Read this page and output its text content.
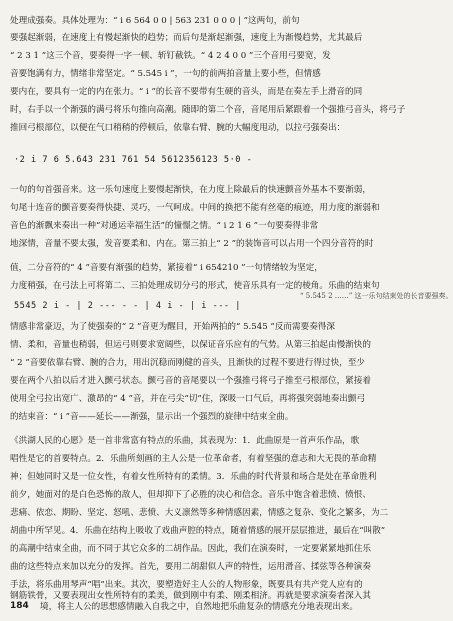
处理成强奏。具体处理为：“ i 6 564 0 0 | 563 231 0 0 0 | ”这两句，前句
要强起渐弱，在速度上有慢起渐快的趋势；而后句是渐起渐强，速度上为渐慢趋势，尤其最后
“ 2 3 1 ”这三个音，要奏得一字一顿、斩钉截铁。“ 4 2 4 0 0 ”三个音用弓要宽，发
音要饱满有力，情绪非常坚定。“ 5.545 i ”，一句的前两拍音量上要小些，但情感
要内在，要具有一定的内在张力。“ i ”的长音不要带有生硬的音头，而是在奏左手上滑音的同
时，右手以一个渐强的满弓将乐句推向高潮。随即的第二个音，音尾用后紧跟着一个强推弓音头，将弓子
推回弓根部位，以便在气口稍稍的停顿后，依靠右臂、腕的大幅度甩动，以拉弓强奏出：
·2 i 7 6 5.643 231 761 54 5612356123 5·0 -
一句的句首强音来。这一乐句速度上要慢起渐快，在力度上除最后的快速颤音外基本不要渐弱，
句尾十连音的颤音要奏得快捷、灵巧，一气呵成。中间的换把不能有丝毫的痕迹，用力度的渐弱和
音色的渐飘来奏出一种“对通运幸福生活”的憧憬之情。“ i 2 1 6 ”一句要奏得非常
地深情，音量不要太强，发音要柔和、内在。第三拍上“ 2 ”的装饰音可以占用一个四分音符的时
值，二分音符的“ 4 ”音要有渐强的趋势，紧接着“ i 654210 ”一句情绪较为坚定，
力度稍强，在弓法上可将第二、三拍处理成切分弓的形式，使音乐具有一定的棱角。乐曲的结束句
5545 2 i - | 2 --- - - | 4 i - | i --- |
情感非常豪迈，为了使强奏的“ 2 ”音更为醒目，开始两拍的“ 5.545 ”反而需要奏得深
情、柔和，音量也稍弱，但运弓则要求宽阔些，以保证音乐应有的气势。从第三拍起由慢渐快的
“ 2 ”音要依靠右臂、腕的合力，用出沉稳而刚健的音头，且渐快的过程不要进行得过快，至少
要在两个八拍以后才进入颤弓状态。颤弓音的音尾要以一个强推弓将弓子推至弓根部位，紧接着
使用全弓拉出宽广、激昂的“ 4 ”音，并在弓尖“切”住，深吸一口气后，再将强突弱地奏出颤弓
的结束音：“ i ”音——延长——渐强，显示出一个强烈的旋律中结束全曲。
《洪湖人民的心愿》是一首非常富有特点的乐曲，其表现为：1．此曲原是一首声乐作品，歌
唱性是它的首要特点。2．乐曲所刻画的主人公是一位革命者，有着坚强的意志和大无畏的革命精
神；但她同时又是一位女性，有着女性所特有的柔情。3．乐曲的时代背景和场合是处在革命胜利
前夕，她面对的是白色恐怖的敌人，但却抑下了必胜的决心和信念。音乐中饱含着悲愤、愤恨、
悲痛、依恋、期盼、坚定、怒吼、悲愤、大义凛然等多种情感因素，情感之复杂、变化之繁多，为二
胡曲中所罕见。4．乐曲在结构上吸收了戏曲声腔的特点，随着情感的展开层层推进，最后在“叫散”
的高潮中结束全曲，而不同于其它众多的二胡作品。因此，我们在演奏时，一定要紧紧地抓住乐
曲的这些特点来加以充分的发挥。首先，要用二胡甜似人声的特性，运用滑音、揉弦等各种演奏
手法，将乐曲用琴声“唱”出来。其次，要塑造好主人公的人物形象，既要具有共产党人应有的
钢筋铁骨，又要表现出女性所特有的柔美，做到刚中有柔、刚柔相济。再就是要求演奏者深入其
境，将主人公的思想感情融入自我之中，自然地把乐曲复杂的情感充分地表现出来。
“ 5.545 2 ……” 这一乐句结束处的长音要强奏。
184
